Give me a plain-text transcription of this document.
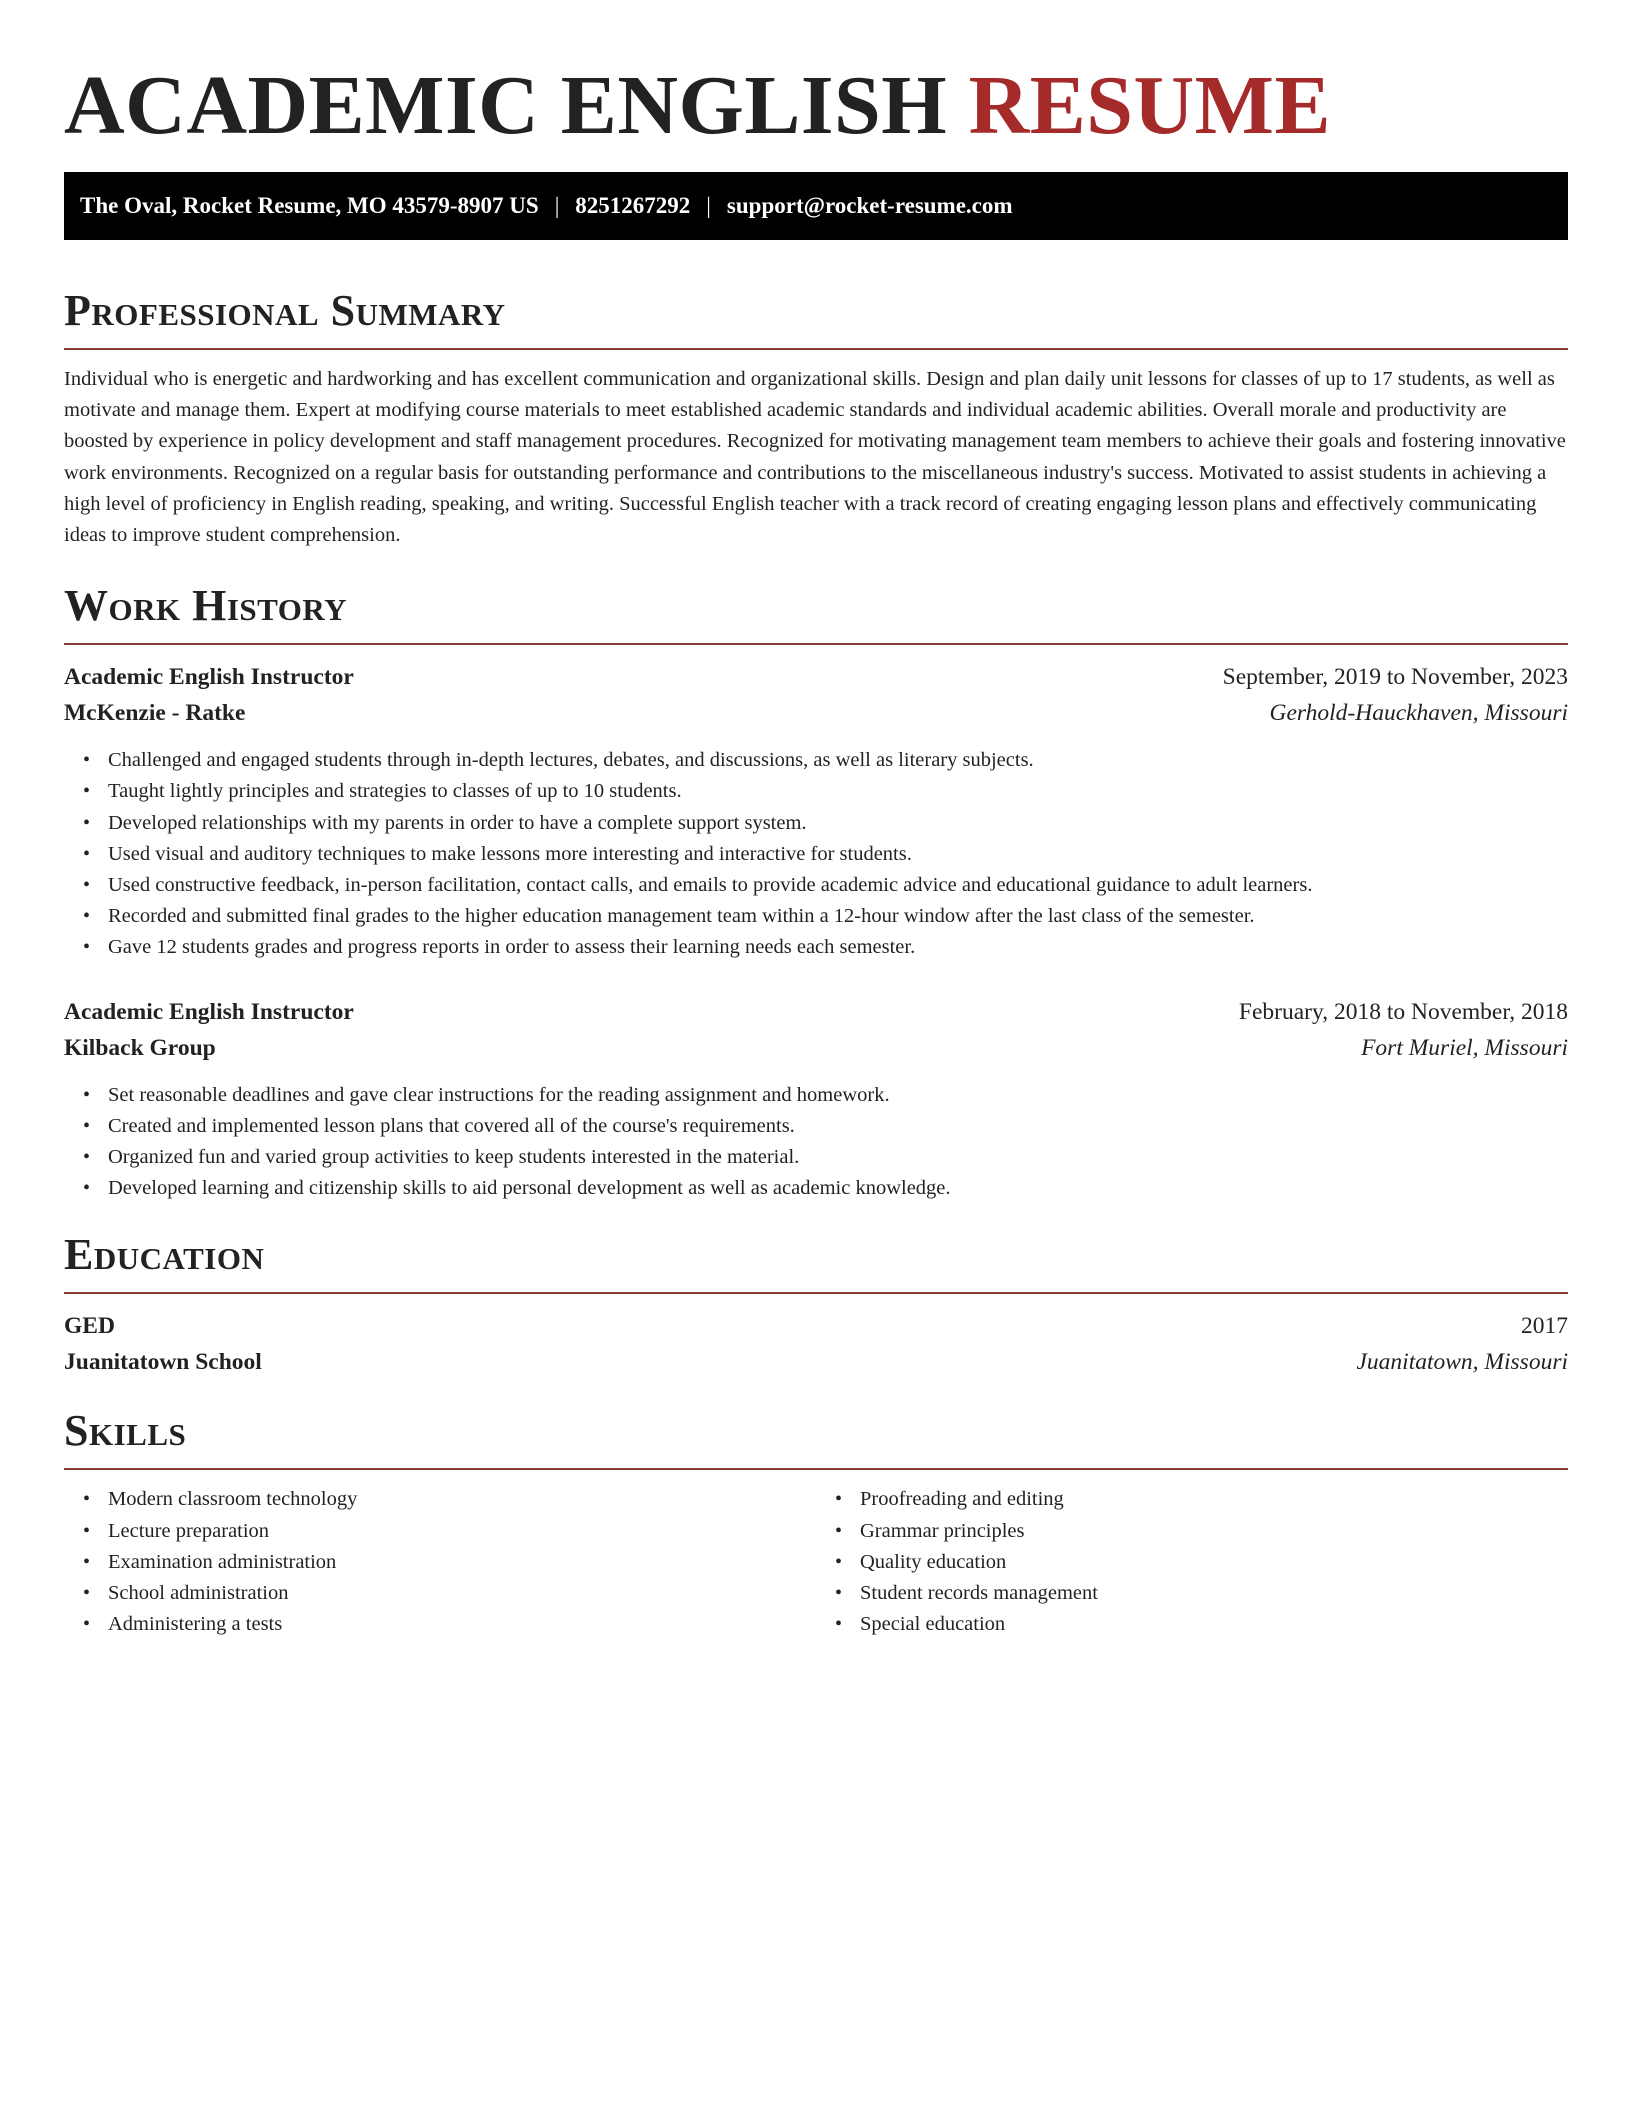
ACADEMIC ENGLISH RESUME
The Oval, Rocket Resume, MO 43579-8907 US | 8251267292 | support@rocket-resume.com
Professional Summary

Individual who is energetic and hardworking and has excellent communication and organizational skills. Design and plan daily unit lessons for classes of up to 17 students, as well as motivate and manage them. Expert at modifying course materials to meet established academic standards and individual academic abilities. Overall morale and productivity are boosted by experience in policy development and staff management procedures. Recognized for motivating management team members to achieve their goals and fostering innovative work environments. Recognized on a regular basis for outstanding performance and contributions to the miscellaneous industry's success. Motivated to assist students in achieving a high level of proficiency in English reading, speaking, and writing. Successful English teacher with a track record of creating engaging lesson plans and effectively communicating ideas to improve student comprehension.

Work History
Academic English Instructor	September, 2019 to November, 2023
McKenzie - Ratke	Gerhold-Hauckhaven, Missouri
• Challenged and engaged students through in-depth lectures, debates, and discussions, as well as literary subjects.
• Taught lightly principles and strategies to classes of up to 10 students.
• Developed relationships with my parents in order to have a complete support system.
• Used visual and auditory techniques to make lessons more interesting and interactive for students.
• Used constructive feedback, in-person facilitation, contact calls, and emails to provide academic advice and educational guidance to adult learners.
• Recorded and submitted final grades to the higher education management team within a 12-hour window after the last class of the semester.
• Gave 12 students grades and progress reports in order to assess their learning needs each semester.
Academic English Instructor	February, 2018 to November, 2018
Kilback Group	Fort Muriel, Missouri
• Set reasonable deadlines and gave clear instructions for the reading assignment and homework.
• Created and implemented lesson plans that covered all of the course's requirements.
• Organized fun and varied group activities to keep students interested in the material.
• Developed learning and citizenship skills to aid personal development as well as academic knowledge.
Education
GED	2017
Juanitatown School	Juanitatown, Missouri
Skills
• Modern classroom technology
• Lecture preparation
• Examination administration
• School administration
• Administering a tests
• Proofreading and editing
• Grammar principles
• Quality education
• Student records management
• Special education
